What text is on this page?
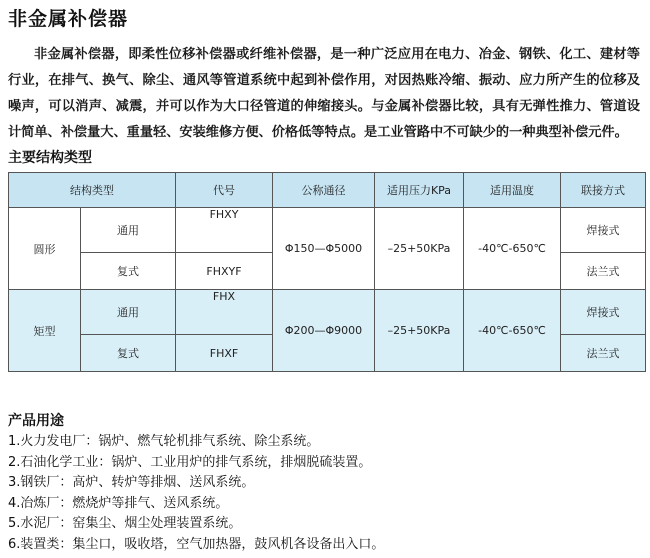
非金属补偿器

非金属补偿器，即柔性位移补偿器或纤维补偿器，是一种广泛应用在电力、冶金、钢铁、化工、建材等行业，在排气、换气、除尘、通风等管道系统中起到补偿作用，对因热账冷缩、振动、应力所产生的位移及噪声，可以消声、减震，并可以作为大口径管道的伸缩接头。与金属补偿器比较，具有无弹性推力、管道设计简单、补偿量大、重量轻、安装维修方便、价格低等特点。是工业管路中不可缺少的一种典型补偿元件。

主要结构类型
结构类型		代号	公称通径	适用压力KPa	适用温度	联接方式
圆形	通用	FHXY	Φ150—Φ5000	–25+50KPa	-40℃-650℃	焊接式
	复式	FHXYF				法兰式
矩型	通用	FHX	Φ200—Φ9000	–25+50KPa	-40℃-650℃	焊接式
	复式	FHXF				法兰式
产品用途
1.火力发电厂：锅炉、燃气轮机排气系统、除尘系统。
2.石油化学工业：锅炉、工业用炉的排气系统，排烟脱硫装置。
3.钢铁厂：高炉、转炉等排烟、送风系统。
4.冶炼厂：燃烧炉等排气、送风系统。
5.水泥厂：窑集尘、烟尘处理装置系统。
6.装置类：集尘口，吸收塔，空气加热器，鼓风机各设备出入口。
